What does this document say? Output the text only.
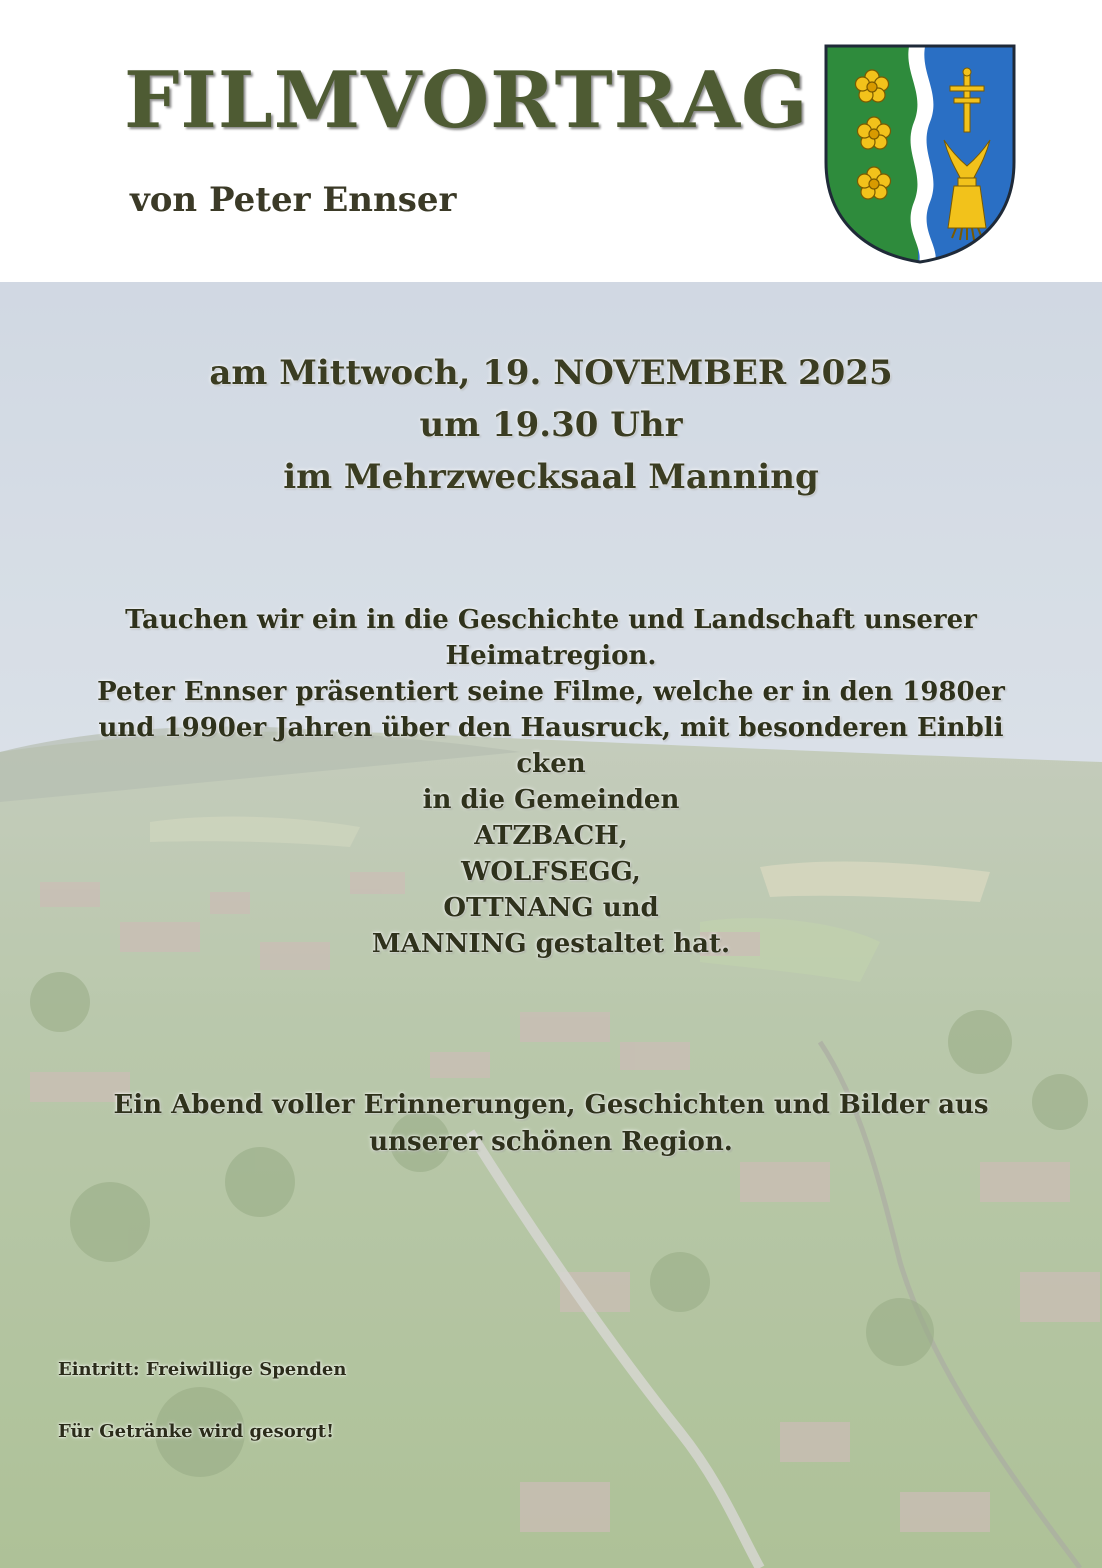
FILMVORTRAG

von Peter Ennser

am Mittwoch, 19. NOVEMBER 2025
um 19.30 Uhr
im Mehrzwecksaal Manning
Tauchen wir ein in die Geschichte und Landschaft unserer
Heimatregion.
Peter Ennser präsentiert seine Filme, welche er in den 1980er
und 1990er Jahren über den Hausruck, mit besonderen Einbli
cken
in die Gemeinden
ATZBACH,
WOLFSEGG,
OTTNANG und
MANNING gestaltet hat.
Ein Abend voller Erinnerungen, Geschichten und Bilder aus
unserer schönen Region.

Eintritt: Freiwillige Spenden

Für Getränke wird gesorgt!
